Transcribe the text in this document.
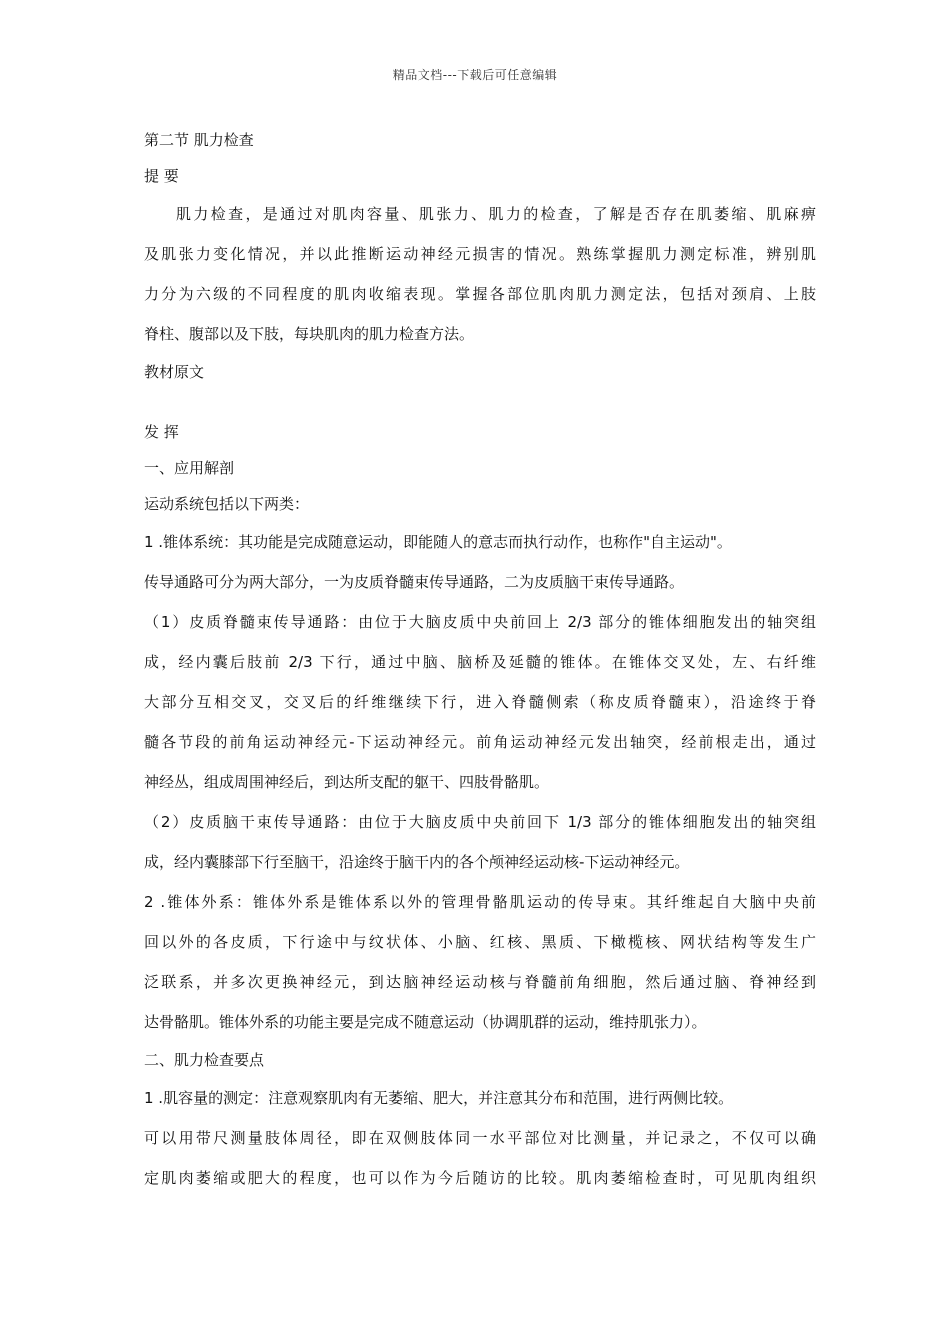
精品文档---下载后可任意编辑
第二节 肌力检查
提 要
肌力检查，是通过对肌肉容量、肌张力、肌力的检查，了解是否存在肌萎缩、肌麻痹
及肌张力变化情况，并以此推断运动神经元损害的情况。熟练掌握肌力测定标准，辨别肌
力分为六级的不同程度的肌肉收缩表现。掌握各部位肌肉肌力测定法，包括对颈肩、上肢
脊柱、腹部以及下肢，每块肌肉的肌力检查方法。
教材原文
发 挥
一、应用解剖
运动系统包括以下两类：
1 .锥体系统：其功能是完成随意运动，即能随人的意志而执行动作，也称作"自主运动"。
传导通路可分为两大部分，一为皮质脊髓束传导通路，二为皮质脑干束传导通路。
（1）皮质脊髓束传导通路：由位于大脑皮质中央前回上 2/3 部分的锥体细胞发出的轴突组
成，经内囊后肢前 2/3 下行，通过中脑、脑桥及延髓的锥体。在锥体交叉处，左、右纤维
大部分互相交叉，交叉后的纤维继续下行，进入脊髓侧索（称皮质脊髓束），沿途终于脊
髓各节段的前角运动神经元-下运动神经元。前角运动神经元发出轴突，经前根走出，通过
神经丛，组成周围神经后，到达所支配的躯干、四肢骨骼肌。
（2）皮质脑干束传导通路：由位于大脑皮质中央前回下 1/3 部分的锥体细胞发出的轴突组
成，经内囊膝部下行至脑干，沿途终于脑干内的各个颅神经运动核-下运动神经元。
2 .锥体外系：锥体外系是锥体系以外的管理骨骼肌运动的传导束。其纤维起自大脑中央前
回以外的各皮质，下行途中与纹状体、小脑、红核、黑质、下橄榄核、网状结构等发生广
泛联系，并多次更换神经元，到达脑神经运动核与脊髓前角细胞，然后通过脑、脊神经到
达骨骼肌。锥体外系的功能主要是完成不随意运动（协调肌群的运动，维持肌张力）。
二、肌力检查要点
1 .肌容量的测定：注意观察肌肉有无萎缩、肥大，并注意其分布和范围，进行两侧比较。
可以用带尺测量肢体周径，即在双侧肢体同一水平部位对比测量，并记录之，不仅可以确
定肌肉萎缩或肥大的程度，也可以作为今后随访的比较。肌肉萎缩检查时，可见肌肉组织
